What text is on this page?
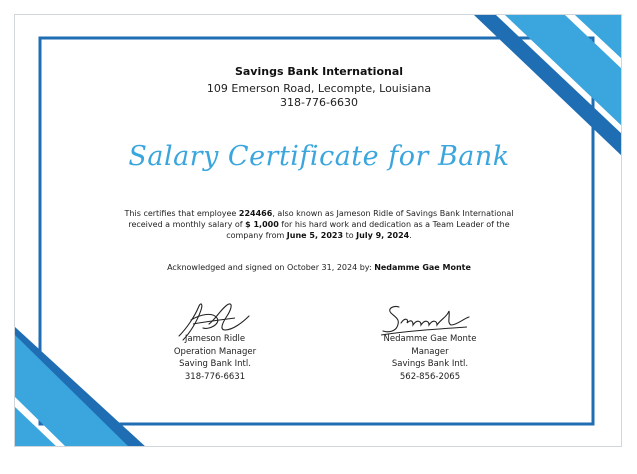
Savings Bank International
109 Emerson Road, Lecompte, Louisiana
318-776-6630
Salary Certificate for Bank
This certifies that employee 224466, also known as Jameson Ridle of Savings Bank International received a monthly salary of $ 1,000 for his hard work and dedication as a Team Leader of the company from June 5, 2023 to July 9, 2024.
Acknowledged and signed on October 31, 2024 by: Nedamme Gae Monte
Jameson Ridle
Operation Manager
Saving Bank Intl.
318-776-6631
Nedamme Gae Monte
Manager
Savings Bank Intl.
562-856-2065
